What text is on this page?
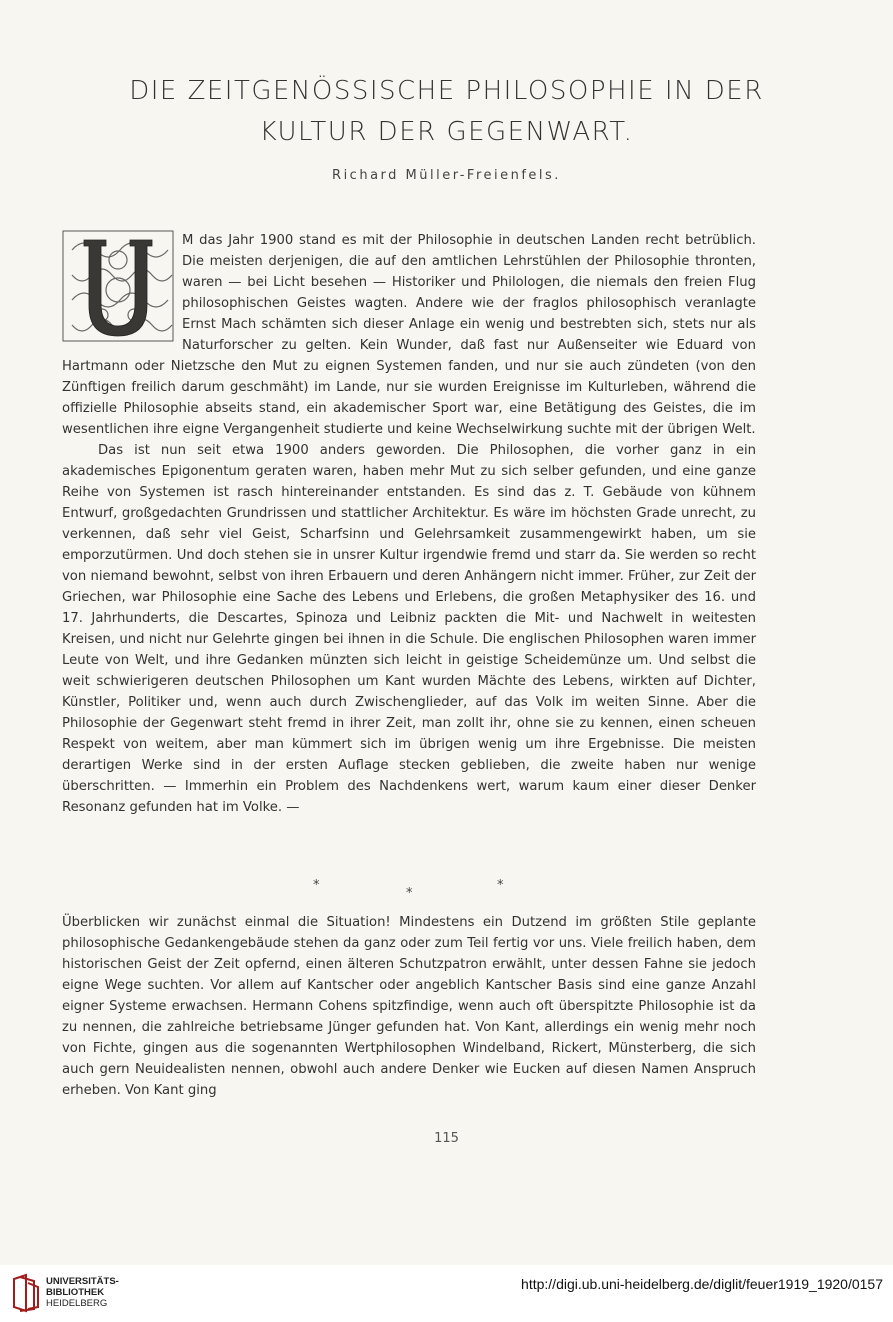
DIE ZEITGENÖSSISCHE PHILOSOPHIE IN DER
KULTUR DER GEGENWART.
Richard Müller-Freienfels.
U

M das Jahr 1900 stand es mit der Philosophie in deutschen Landen recht betrüblich. Die meisten derjenigen, die auf den amtlichen Lehrstühlen der Philosophie thronten, waren — bei Licht besehen — Historiker und Philologen, die niemals den freien Flug philosophischen Geistes wagten. Andere wie der fraglos philosophisch veranlagte Ernst Mach schämten sich dieser Anlage ein wenig und bestrebten sich, stets nur als Naturforscher zu gelten. Kein Wunder, daß fast nur Außenseiter wie Eduard von Hartmann oder Nietzsche den Mut zu eignen Systemen fanden, und nur sie auch zündeten (von den Zünftigen freilich darum geschmäht) im Lande, nur sie wurden Ereignisse im Kulturleben, während die offizielle Philosophie abseits stand, ein akademischer Sport war, eine Betätigung des Geistes, die im wesentlichen ihre eigne Vergangenheit studierte und keine Wechselwirkung suchte mit der übrigen Welt.

Das ist nun seit etwa 1900 anders geworden. Die Philosophen, die vorher ganz in ein akademisches Epigonentum geraten waren, haben mehr Mut zu sich selber gefunden, und eine ganze Reihe von Systemen ist rasch hintereinander entstanden. Es sind das z. T. Gebäude von kühnem Entwurf, großgedachten Grundrissen und stattlicher Architektur. Es wäre im höchsten Grade unrecht, zu verkennen, daß sehr viel Geist, Scharfsinn und Gelehrsamkeit zusammengewirkt haben, um sie emporzutürmen. Und doch stehen sie in unsrer Kultur irgendwie fremd und starr da. Sie werden so recht von niemand bewohnt, selbst von ihren Erbauern und deren Anhängern nicht immer. Früher, zur Zeit der Griechen, war Philosophie eine Sache des Lebens und Erlebens, die großen Metaphysiker des 16. und 17. Jahrhunderts, die Descartes, Spinoza und Leibniz packten die Mit- und Nachwelt in weitesten Kreisen, und nicht nur Gelehrte gingen bei ihnen in die Schule. Die englischen Philosophen waren immer Leute von Welt, und ihre Gedanken münzten sich leicht in geistige Scheidemünze um. Und selbst die weit schwierigeren deutschen Philosophen um Kant wurden Mächte des Lebens, wirkten auf Dichter, Künstler, Politiker und, wenn auch durch Zwischenglieder, auf das Volk im weiten Sinne. Aber die Philosophie der Gegenwart steht fremd in ihrer Zeit, man zollt ihr, ohne sie zu kennen, einen scheuen Respekt von weitem, aber man kümmert sich im übrigen wenig um ihre Ergebnisse. Die meisten derartigen Werke sind in der ersten Auflage stecken geblieben, die zweite haben nur wenige überschritten. — Immerhin ein Problem des Nachdenkens wert, warum kaum einer dieser Denker Resonanz gefunden hat im Volke. —

*
*
*

Überblicken wir zunächst einmal die Situation! Mindestens ein Dutzend im größten Stile geplante philosophische Gedankengebäude stehen da ganz oder zum Teil fertig vor uns. Viele freilich haben, dem historischen Geist der Zeit opfernd, einen älteren Schutzpatron erwählt, unter dessen Fahne sie jedoch eigne Wege suchten. Vor allem auf Kantscher oder angeblich Kantscher Basis sind eine ganze Anzahl eigner Systeme erwachsen. Hermann Cohens spitzfindige, wenn auch oft überspitzte Philosophie ist da zu nennen, die zahlreiche betriebsame Jünger gefunden hat. Von Kant, allerdings ein wenig mehr noch von Fichte, gingen aus die sogenannten Wertphilosophen Windelband, Rickert, Münsterberg, die sich auch gern Neuidealisten nennen, obwohl auch andere Denker wie Eucken auf diesen Namen Anspruch erheben. Von Kant ging

115
UNIVERSITÄTS-
BIBLIOTHEK
HEIDELBERG
http://digi.ub.uni-heidelberg.de/diglit/feuer1919_1920/0157
